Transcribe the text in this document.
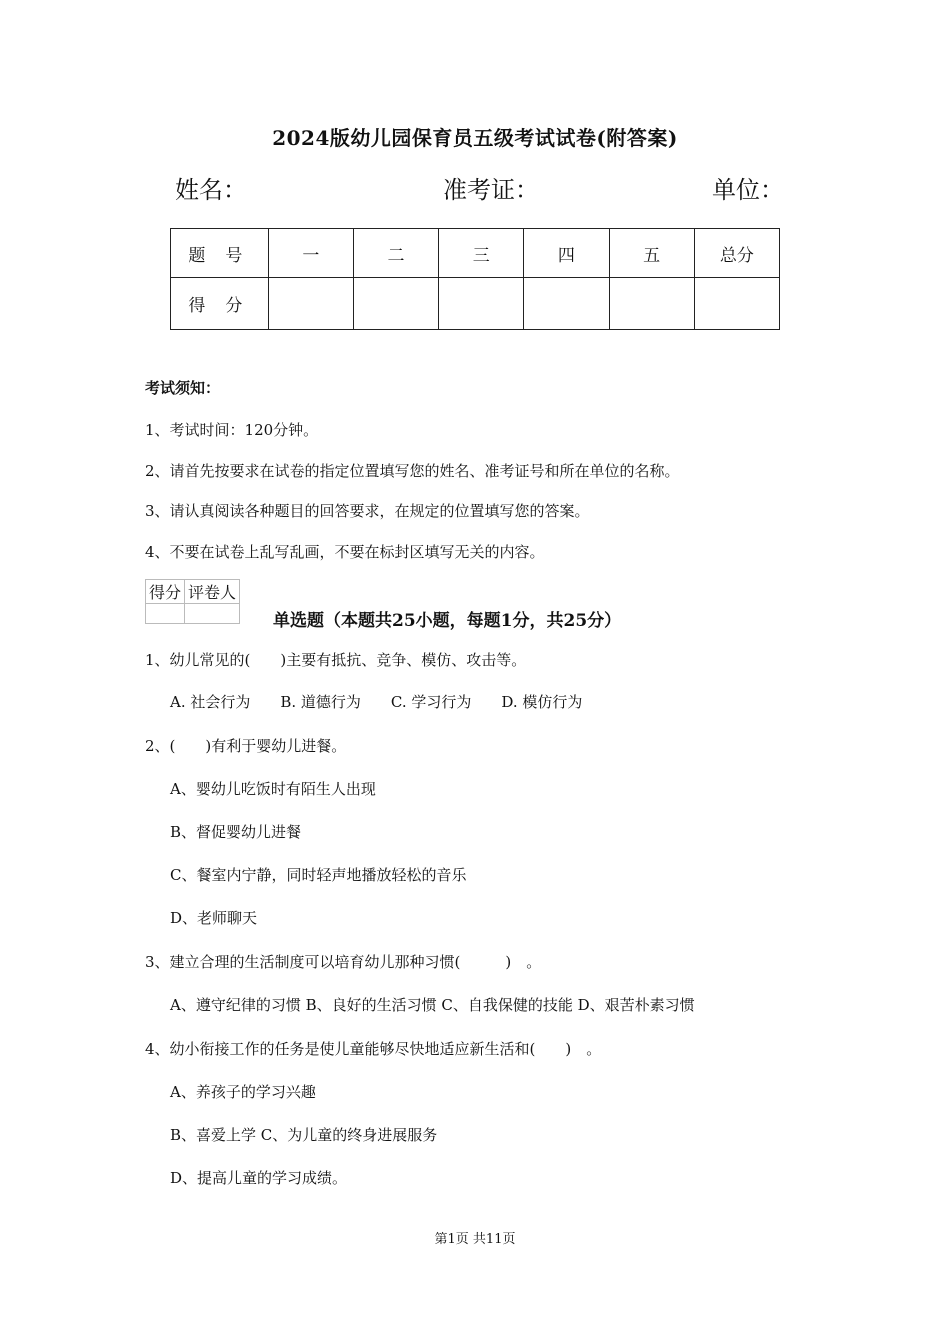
2024版幼儿园保育员五级考试试卷(附答案)
姓名：	准考证：	单位：
题号	一	二	三	四	五	总分
得分						
考试须知：
1、考试时间：120分钟。
2、请首先按要求在试卷的指定位置填写您的姓名、准考证号和所在单位的名称。
3、请认真阅读各种题目的回答要求，在规定的位置填写您的答案。
4、不要在试卷上乱写乱画，不要在标封区填写无关的内容。
得分	评卷人

单选题（本题共25小题，每题1分，共25分）
1、幼儿常见的(　　)主要有抵抗、竞争、模仿、攻击等。
A. 社会行为　　B. 道德行为　　C. 学习行为　　D. 模仿行为
2、(　　)有利于婴幼儿进餐。
A、婴幼儿吃饭时有陌生人出现
B、督促婴幼儿进餐
C、餐室内宁静，同时轻声地播放轻松的音乐
D、老师聊天
3、建立合理的生活制度可以培育幼儿那种习惯(　　　)　。
A、遵守纪律的习惯 B、良好的生活习惯 C、自我保健的技能 D、艰苦朴素习惯
4、幼小衔接工作的任务是使儿童能够尽快地适应新生活和(　　)　。
A、养孩子的学习兴趣
B、喜爱上学 C、为儿童的终身进展服务
D、提高儿童的学习成绩。
第1页 共11页
